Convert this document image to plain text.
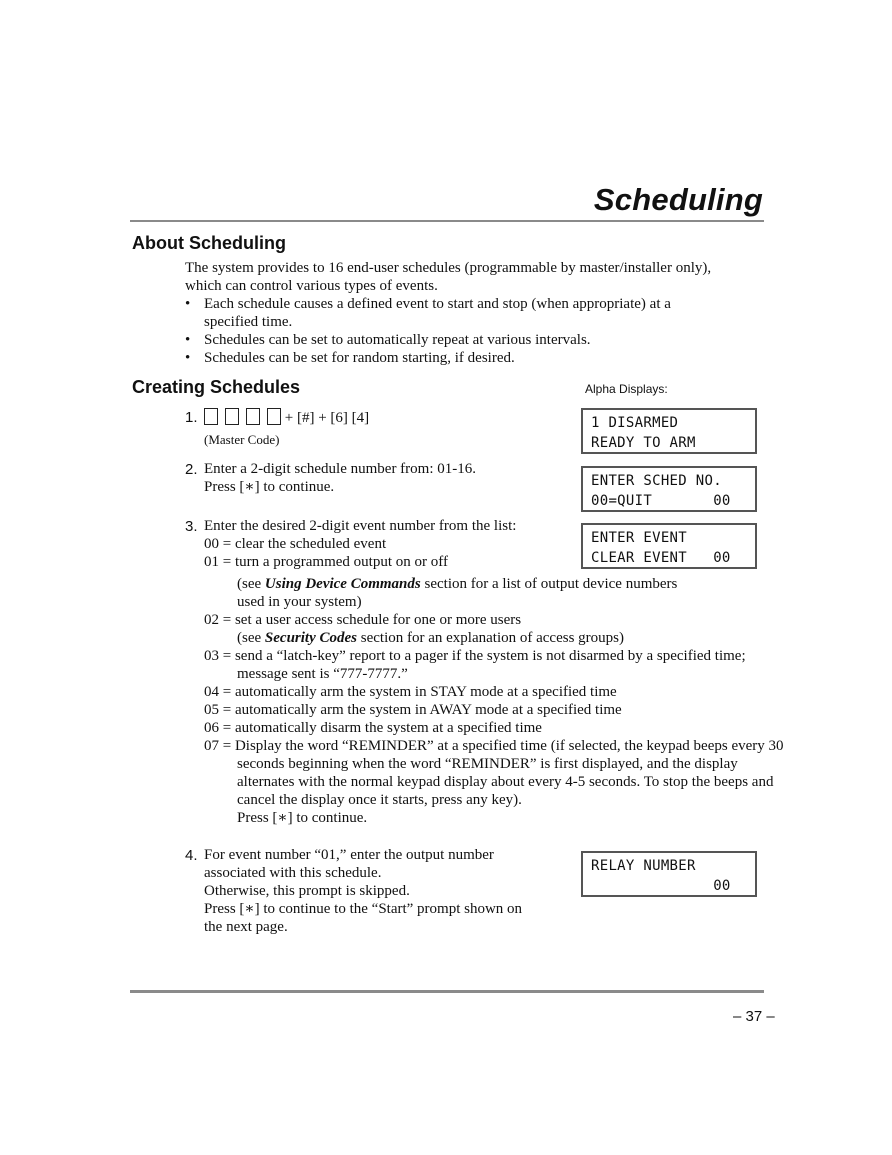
Scheduling
About Scheduling
The system provides to 16 end-user schedules (programmable by master/installer only),
which can control various types of events.
• Each schedule causes a defined event to start and stop (when appropriate) at a
specified time.
• Schedules can be set to automatically repeat at various intervals.
• Schedules can be set for random starting, if desired.
Creating Schedules	Alpha Displays:
1 DISARMED
READY TO ARM
ENTER SCHED NO.
00=QUIT       00
ENTER EVENT
CLEAR EVENT   00
RELAY NUMBER
00
1.	+ [#] + [6] [4]
(Master Code)
2. Enter a 2-digit schedule number from: 01-16.
Press [∗] to continue.
3. Enter the desired 2-digit event number from the list:
00 = clear the scheduled event
01 = turn a programmed output on or off
(see Using Device Commands section for a list of output device numbers
used in your system)
02 = set a user access schedule for one or more users
(see Security Codes section for an explanation of access groups)
03 = send a “latch-key” report to a pager if the system is not disarmed by a specified time; message sent is “777-7777.”
04 = automatically arm the system in STAY mode at a specified time
05 = automatically arm the system in AWAY mode at a specified time
06 = automatically disarm the system at a specified time
07 = Display the word “REMINDER” at a specified time (if selected, the keypad beeps every 30 seconds beginning when the word “REMINDER” is first displayed, and the display alternates with the normal keypad display about every 4-5 seconds. To stop the beeps and cancel the display once it starts, press any key).
Press [∗] to continue.
4. For event number “01,” enter the output number
associated with this schedule.
Otherwise, this prompt is skipped.
Press [∗] to continue to the “Start” prompt shown on
the next page.
– 37 –
